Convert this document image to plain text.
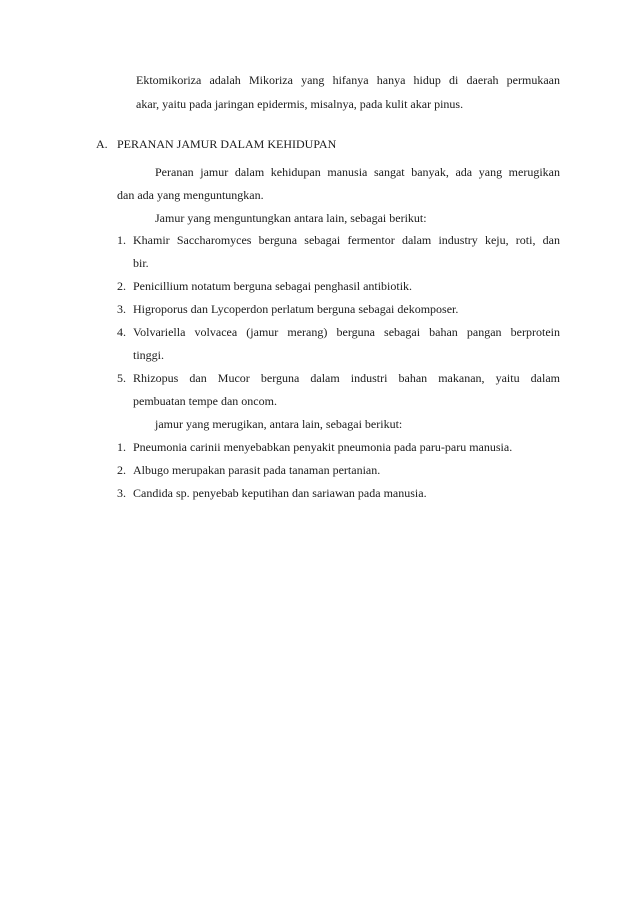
Ektomikoriza adalah Mikoriza yang hifanya hanya hidup di daerah permukaan
akar, yaitu pada jaringan epidermis, misalnya, pada kulit akar pinus.
A. PERANAN JAMUR DALAM KEHIDUPAN
Peranan jamur dalam kehidupan manusia sangat banyak, ada yang merugikan
dan ada yang menguntungkan.
Jamur yang menguntungkan antara lain, sebagai berikut:
1. Khamir Saccharomyces berguna sebagai fermentor dalam industry keju, roti, dan
bir.
2. Penicillium notatum berguna sebagai penghasil antibiotik.
3. Higroporus dan Lycoperdon perlatum berguna sebagai dekomposer.
4. Volvariella volvacea (jamur merang) berguna sebagai bahan pangan berprotein
tinggi.
5. Rhizopus dan Mucor berguna dalam industri bahan makanan, yaitu dalam
pembuatan tempe dan oncom.
jamur yang merugikan, antara lain, sebagai berikut:
1. Pneumonia carinii menyebabkan penyakit pneumonia pada paru-paru manusia.
2. Albugo merupakan parasit pada tanaman pertanian.
3. Candida sp. penyebab keputihan dan sariawan pada manusia.
